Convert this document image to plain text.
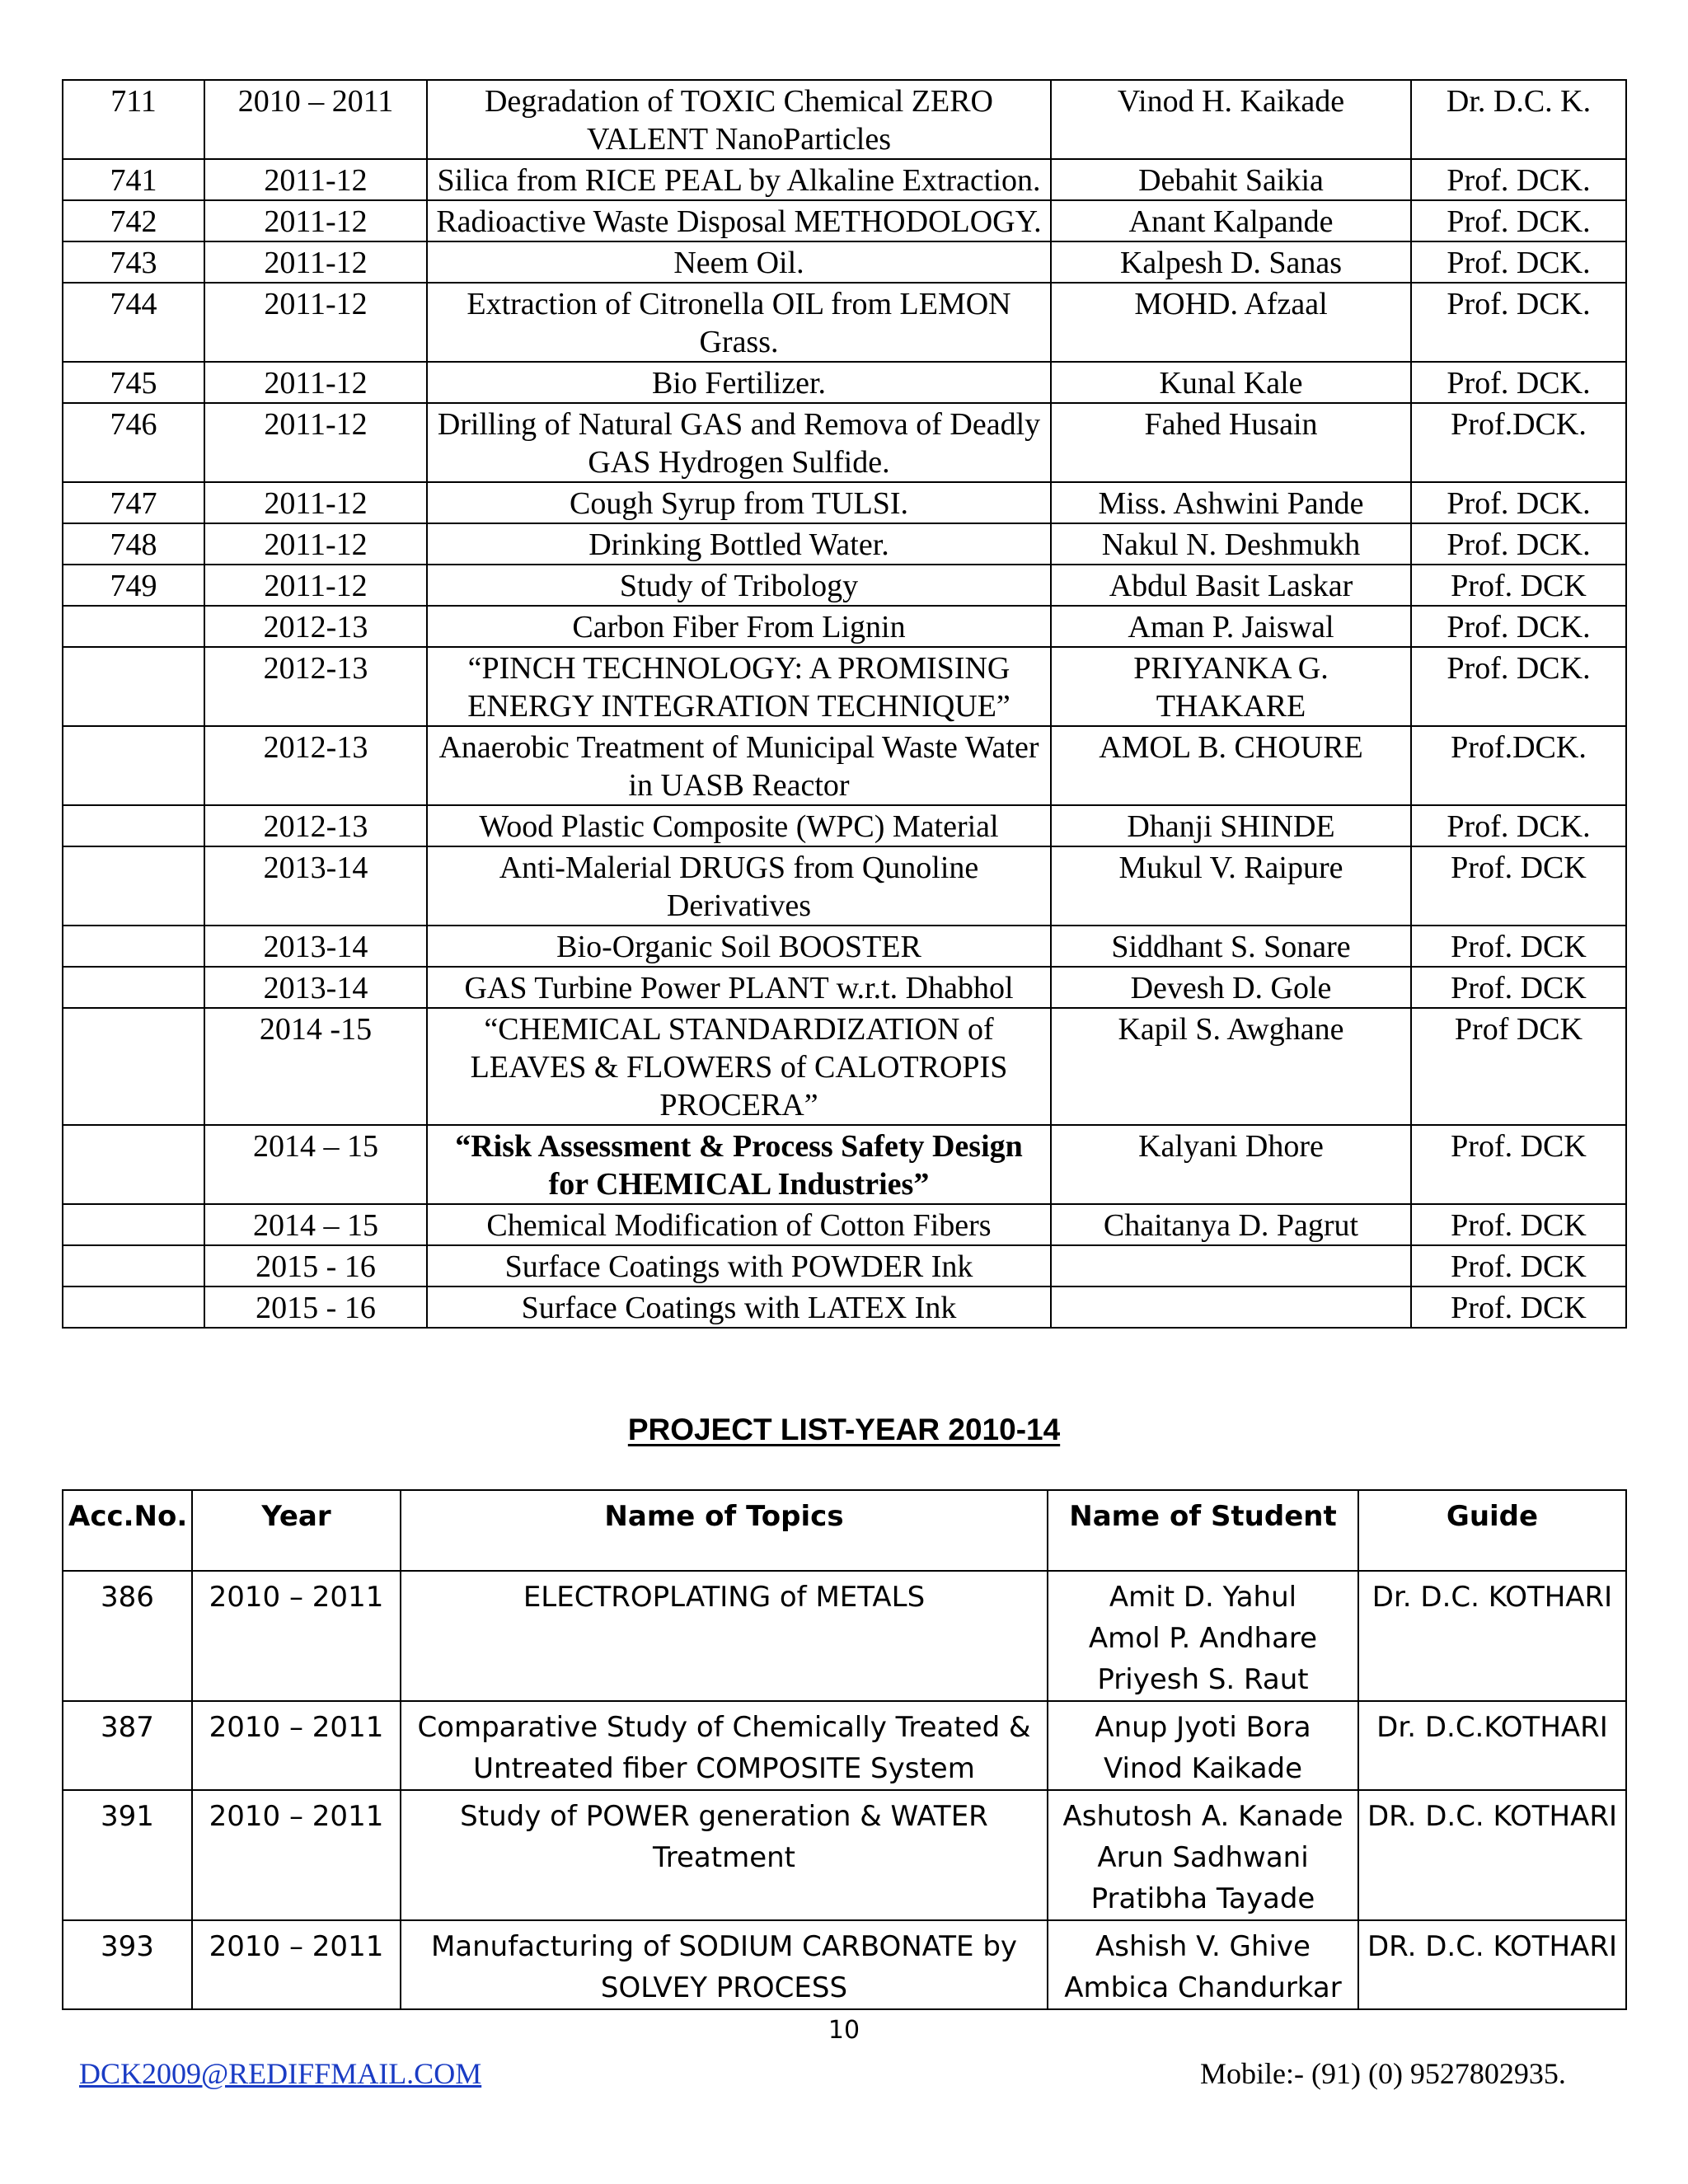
711	2010 – 2011	Degradation of TOXIC Chemical ZERO VALENT NanoParticles	Vinod H. Kaikade	Dr. D.C. K.
741	2011-12	Silica from RICE PEAL by Alkaline Extraction.	Debahit Saikia	Prof. DCK.
742	2011-12	Radioactive Waste Disposal METHODOLOGY.	Anant Kalpande	Prof. DCK.
743	2011-12	Neem Oil.	Kalpesh D. Sanas	Prof. DCK.
744	2011-12	Extraction of Citronella OIL from LEMON Grass.	MOHD. Afzaal	Prof. DCK.
745	2011-12	Bio Fertilizer.	Kunal Kale	Prof. DCK.
746	2011-12	Drilling of Natural GAS and Remova of Deadly GAS Hydrogen Sulfide.	Fahed Husain	Prof.DCK.
747	2011-12	Cough Syrup from TULSI.	Miss. Ashwini Pande	Prof. DCK.
748	2011-12	Drinking Bottled Water.	Nakul N. Deshmukh	Prof. DCK.
749	2011-12	Study of Tribology	Abdul Basit Laskar	Prof. DCK
	2012-13	Carbon Fiber From Lignin	Aman P. Jaiswal	Prof. DCK.
	2012-13	“PINCH TECHNOLOGY: A PROMISING ENERGY INTEGRATION TECHNIQUE”	PRIYANKA G. THAKARE	Prof. DCK.
	2012-13	Anaerobic Treatment of Municipal Waste Water in UASB Reactor	AMOL B. CHOURE	Prof.DCK.
	2012-13	Wood Plastic Composite (WPC) Material	Dhanji SHINDE	Prof. DCK.
	2013-14	Anti-Malerial DRUGS from Qunoline Derivatives	Mukul V. Raipure	Prof. DCK
	2013-14	Bio-Organic Soil BOOSTER	Siddhant S. Sonare	Prof. DCK
	2013-14	GAS Turbine Power PLANT w.r.t. Dhabhol	Devesh D. Gole	Prof. DCK
	2014 -15	“CHEMICAL STANDARDIZATION of LEAVES & FLOWERS of CALOTROPIS PROCERA”	Kapil S. Awghane	Prof DCK
	2014 – 15	“Risk Assessment & Process Safety Design for CHEMICAL Industries”	Kalyani Dhore	Prof. DCK
	2014 – 15	Chemical Modification of Cotton Fibers	Chaitanya D. Pagrut	Prof. DCK
	2015 - 16	Surface Coatings with POWDER Ink		Prof. DCK
	2015 - 16	Surface Coatings with LATEX Ink		Prof. DCK
PROJECT LIST-YEAR 2010-14
Acc.No.	Year	Name of Topics	Name of Student	Guide
386	2010 – 2011	ELECTROPLATING of METALS	Amit D. Yahul
Amol P. Andhare
Priyesh S. Raut	Dr. D.C. KOTHARI
387	2010 – 2011	Comparative Study of Chemically Treated & Untreated fiber COMPOSITE System	Anup Jyoti Bora
Vinod Kaikade	Dr. D.C.KOTHARI
391	2010 – 2011	Study of POWER generation & WATER Treatment	Ashutosh A. Kanade
Arun Sadhwani
Pratibha Tayade	DR. D.C. KOTHARI
393	2010 – 2011	Manufacturing of SODIUM CARBONATE by SOLVEY PROCESS	Ashish V. Ghive
Ambica Chandurkar	DR. D.C. KOTHARI
10
DCK2009@REDIFFMAIL.COM	Mobile:- (91) (0) 9527802935.
